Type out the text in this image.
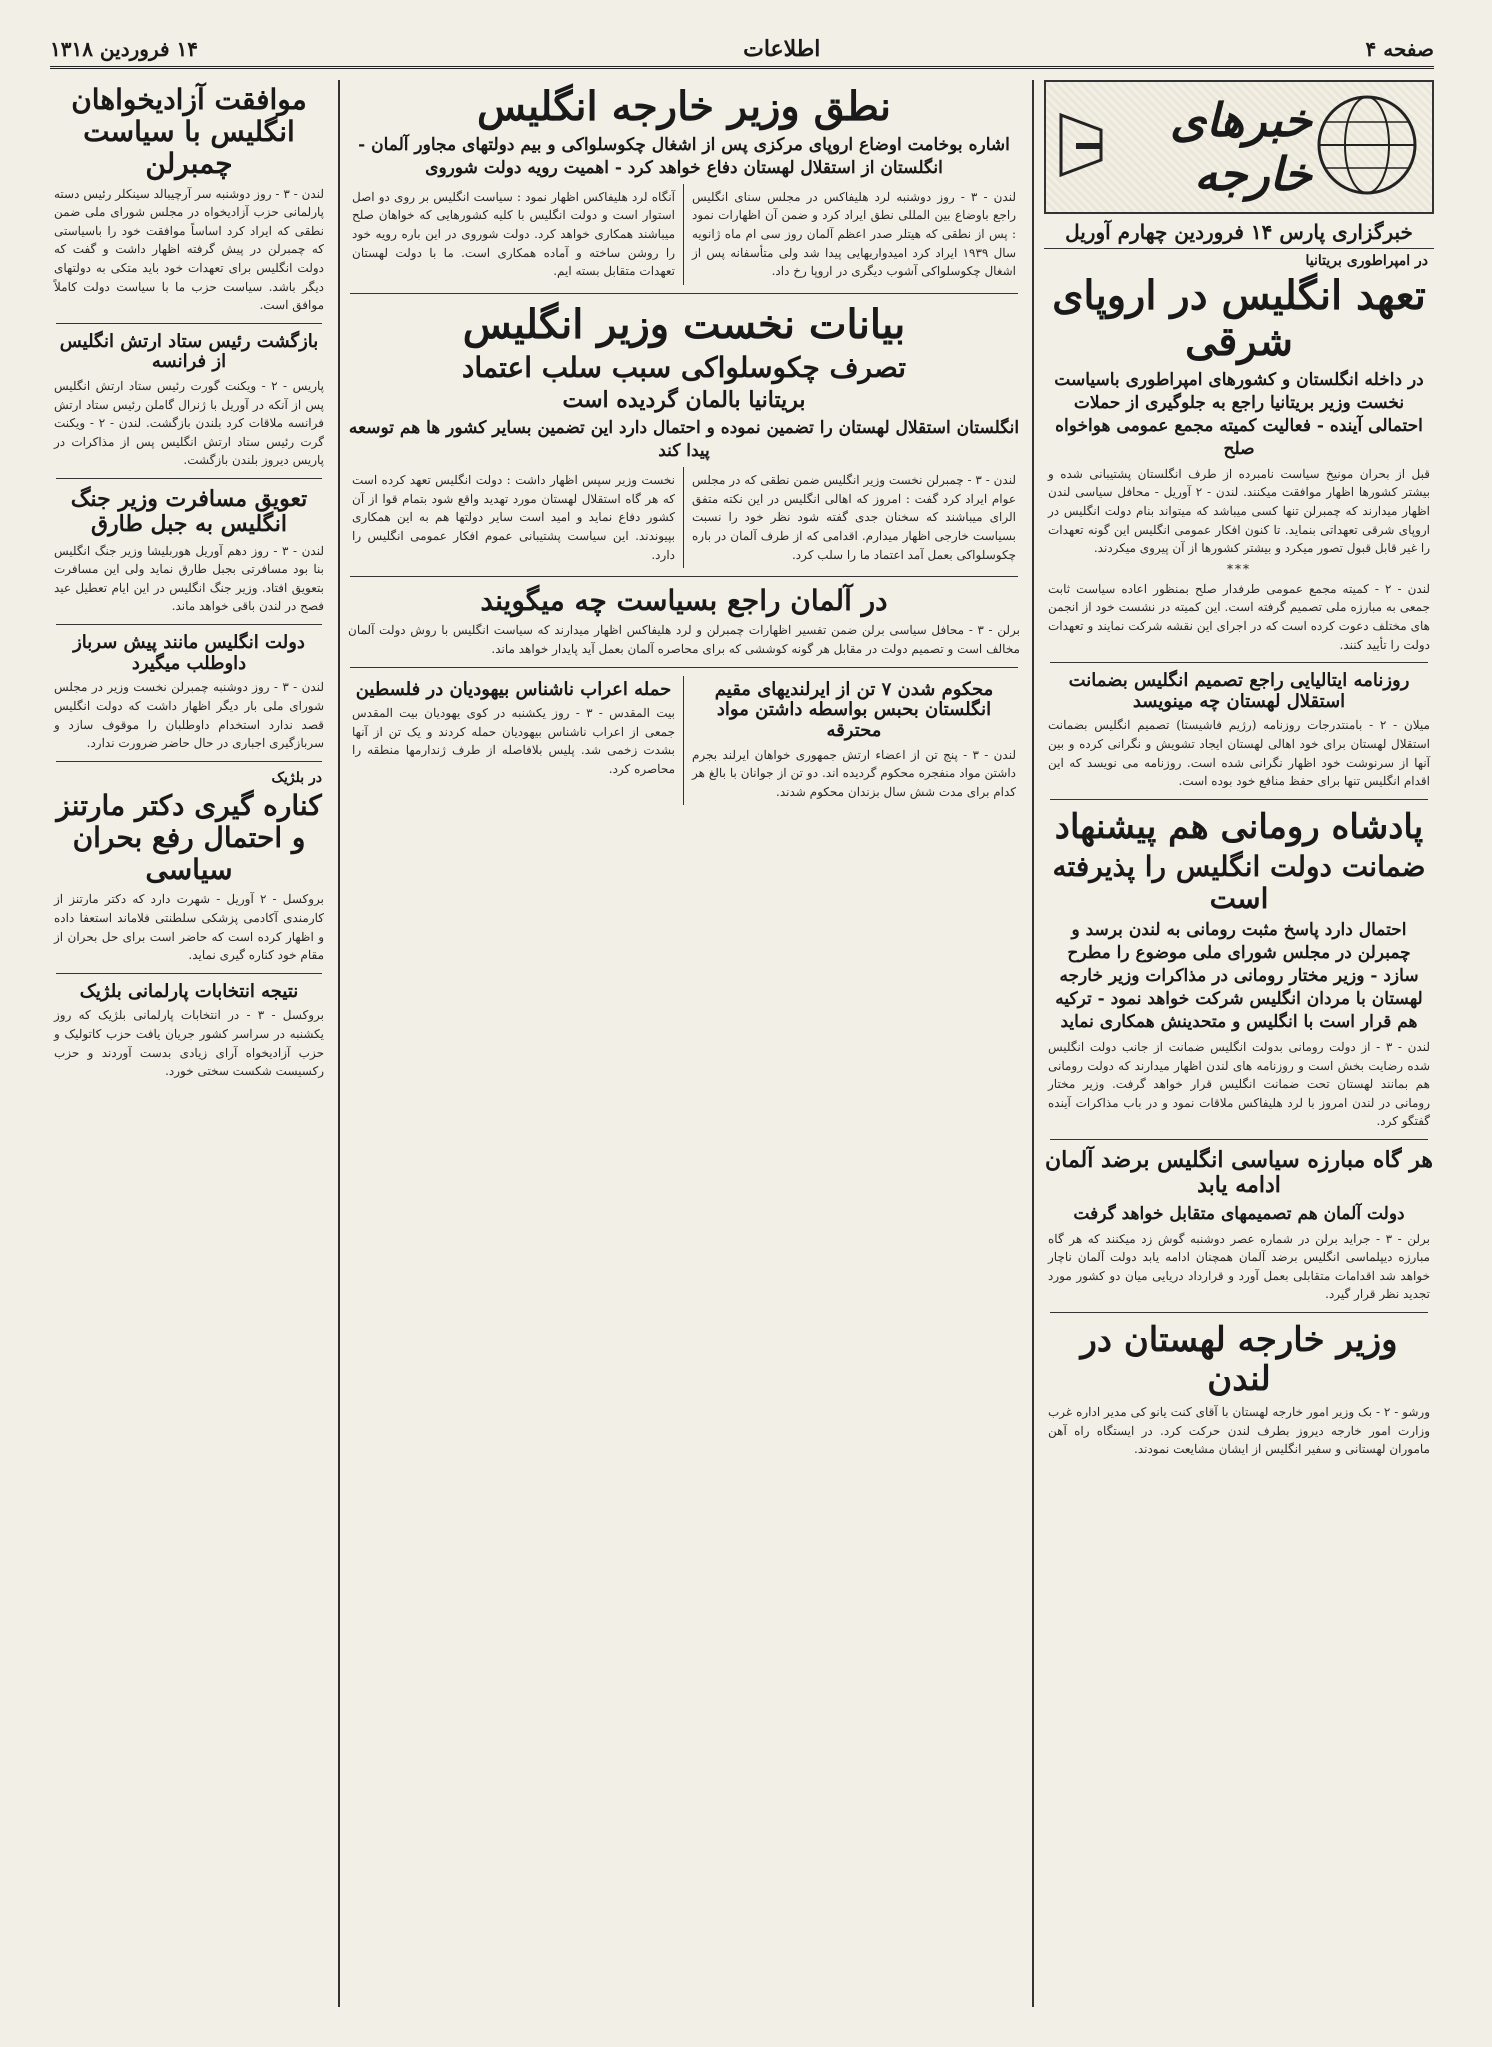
صفحه ۴
اطلاعات
۱۴ فروردین ۱۳۱۸
خبرهای خارجه
خبرگزاری پارس ۱۴ فروردین چهارم آوریل
در امپراطوری بریتانیا
تعهد انگلیس در اروپای شرقی
در داخله انگلستان و کشورهای امپراطوری باسیاست نخست وزیر بریتانیا راجع به جلوگیری از حملات احتمالی آینده - فعالیت کمیته مجمع عمومی هواخواه صلح
قبل از بحران مونیخ سیاست نامبرده از طرف انگلستان پشتیبانی شده و بیشتر کشورها اظهار موافقت میکنند. لندن - ۲ آوریل - محافل سیاسی لندن اظهار میدارند که چمبرلن تنها کسی میباشد که میتواند بنام دولت انگلیس در اروپای شرقی تعهداتی بنماید. تا کنون افکار عمومی انگلیس این گونه تعهدات را غیر قابل قبول تصور میکرد و بیشتر کشورها از آن پیروی میکردند.
***
لندن - ۲ - کمیته مجمع عمومی طرفدار صلح بمنظور اعاده سیاست ثابت جمعی به مبارزه ملی تصمیم گرفته است. این کمیته در نشست خود از انجمن های مختلف دعوت کرده است که در اجرای این نقشه شرکت نمایند و تعهدات دولت را تأیید کنند.
روزنامه ایتالیایی راجع تصمیم انگلیس بضمانت استقلال لهستان چه مینویسد
میلان - ۲ - بامنتدرجات روزنامه (رژیم فاشیستا) تصمیم انگلیس بضمانت استقلال لهستان برای خود اهالی لهستان ایجاد تشویش و نگرانی کرده و بین آنها از سرنوشت خود اظهار نگرانی شده است. روزنامه می نویسد که این اقدام انگلیس تنها برای حفظ منافع خود بوده است.
پادشاه رومانی هم پیشنهاد
ضمانت دولت انگلیس را پذیرفته است
احتمال دارد پاسخ مثبت رومانی به لندن برسد و چمبرلن در مجلس شورای ملی موضوع را مطرح سازد - وزیر مختار رومانی در مذاکرات وزیر خارجه لهستان با مردان انگلیس شرکت خواهد نمود - ترکیه هم قرار است با انگلیس و متحدینش همکاری نماید
لندن - ۳ - از دولت رومانی بدولت انگلیس ضمانت از جانب دولت انگلیس شده رضایت بخش است و روزنامه های لندن اظهار میدارند که دولت رومانی هم بمانند لهستان تحت ضمانت انگلیس قرار خواهد گرفت. وزیر مختار رومانی در لندن امروز با لرد هلیفاکس ملاقات نمود و در باب مذاکرات آینده گفتگو کرد.
هر گاه مبارزه سیاسی انگلیس برضد آلمان ادامه یابد
دولت آلمان هم تصمیمهای متقابل خواهد گرفت
برلن - ۳ - جراید برلن در شماره عصر دوشنبه گوش زد میکنند که هر گاه مبارزه دیپلماسی انگلیس برضد آلمان همچنان ادامه یابد دولت آلمان ناچار خواهد شد اقدامات متقابلی بعمل آورد و قرارداد دریایی میان دو کشور مورد تجدید نظر قرار گیرد.
وزیر خارجه لهستان در لندن
ورشو - ۲ - بک وزیر امور خارجه لهستان با آقای کنت یانو کی مدیر اداره غرب وزارت امور خارجه دیروز بطرف لندن حرکت کرد. در ایستگاه راه آهن ماموران لهستانی و سفیر انگلیس از ایشان مشایعت نمودند.
نطق وزیر خارجه انگلیس
اشاره بوخامت اوضاع اروپای مرکزی پس از اشغال چکوسلواکی و بیم دولتهای مجاور آلمان - انگلستان از استقلال لهستان دفاع خواهد کرد - اهمیت رویه دولت شوروی
لندن - ۳ - روز دوشنبه لرد هلیفاکس در مجلس سنای انگلیس راجع باوضاع بین المللی نطق ایراد کرد و ضمن آن اظهارات نمود : پس از نطقی که هیتلر صدر اعظم آلمان روز سی ام ماه ژانویه سال ۱۹۳۹ ایراد کرد امیدواریهایی پیدا شد ولی متأسفانه پس از اشغال چکوسلواکی آشوب دیگری در اروپا رخ داد.
آنگاه لرد هلیفاکس اظهار نمود : سیاست انگلیس بر روی دو اصل استوار است و دولت انگلیس با کلیه کشورهایی که خواهان صلح میباشند همکاری خواهد کرد. دولت شوروی در این باره رویه خود را روشن ساخته و آماده همکاری است. ما با دولت لهستان تعهدات متقابل بسته ایم.
بیانات نخست وزیر انگلیس
تصرف چکوسلواکی سبب سلب اعتماد
بریتانیا بالمان گردیده است
انگلستان استقلال لهستان را تضمین نموده و احتمال دارد این تضمین بسایر کشور ها هم توسعه پیدا کند
لندن - ۳ - چمبرلن نخست وزیر انگلیس ضمن نطقی که در مجلس عوام ایراد کرد گفت : امروز که اهالی انگلیس در این نکته متفق الرای میباشند که سخنان جدی گفته شود نظر خود را نسبت بسیاست خارجی اظهار میدارم. اقدامی که از طرف آلمان در باره چکوسلواکی بعمل آمد اعتماد ما را سلب کرد.
نخست وزیر سپس اظهار داشت : دولت انگلیس تعهد کرده است که هر گاه استقلال لهستان مورد تهدید واقع شود بتمام قوا از آن کشور دفاع نماید و امید است سایر دولتها هم به این همکاری بپیوندند. این سیاست پشتیبانی عموم افکار عمومی انگلیس را دارد.
در آلمان راجع بسیاست چه میگویند
برلن - ۳ - محافل سیاسی برلن ضمن تفسیر اظهارات چمبرلن و لرد هلیفاکس اظهار میدارند که سیاست انگلیس با روش دولت آلمان مخالف است و تصمیم دولت در مقابل هر گونه کوششی که برای محاصره آلمان بعمل آید پایدار خواهد ماند.
محکوم شدن ۷ تن از ایرلندیهای مقیم انگلستان بحبس بواسطه داشتن مواد محترقه
لندن - ۳ - پنج تن از اعضاء ارتش جمهوری خواهان ایرلند بجرم داشتن مواد منفجره محکوم گردیده اند. دو تن از جوانان با بالغ هر کدام برای مدت شش سال بزندان محکوم شدند.
حمله اعراب ناشناس بیهودیان در فلسطین
بیت المقدس - ۳ - روز یکشنبه در کوی یهودیان بیت المقدس جمعی از اعراب ناشناس بیهودیان حمله کردند و یک تن از آنها بشدت زخمی شد. پلیس بلافاصله از طرف ژندارمها منطقه را محاصره کرد.
موافقت آزادیخواهان انگلیس با سیاست چمبرلن
لندن - ۳ - روز دوشنبه سر آرچیبالد سینکلر رئیس دسته پارلمانی حزب آزادیخواه در مجلس شورای ملی ضمن نطقی که ایراد کرد اساساً موافقت خود را باسیاستی که چمبرلن در پیش گرفته اظهار داشت و گفت که دولت انگلیس برای تعهدات خود باید متکی به دولتهای دیگر باشد. سیاست حزب ما با سیاست دولت کاملاً موافق است.
بازگشت رئیس ستاد ارتش انگلیس از فرانسه
پاریس - ۲ - ویکنت گورت رئیس ستاد ارتش انگلیس پس از آنکه در آوریل با ژنرال گاملن رئیس ستاد ارتش فرانسه ملاقات کرد بلندن بازگشت. لندن - ۲ - ویکنت گرت رئیس ستاد ارتش انگلیس پس از مذاکرات در پاریس دیروز بلندن بازگشت.
تعویق مسافرت وزیر جنگ انگلیس به جبل طارق
لندن - ۳ - روز دهم آوریل هوربلیشا وزیر جنگ انگلیس بنا بود مسافرتی بجبل طارق نماید ولی این مسافرت بتعویق افتاد. وزیر جنگ انگلیس در این ایام تعطیل عید فصح در لندن باقی خواهد ماند.
دولت انگلیس مانند پیش سرباز داوطلب میگیرد
لندن - ۳ - روز دوشنبه چمبرلن نخست وزیر در مجلس شورای ملی بار دیگر اظهار داشت که دولت انگلیس قصد ندارد استخدام داوطلبان را موقوف سازد و سربازگیری اجباری در حال حاضر ضرورت ندارد.
در بلژیک
کناره گیری دکتر مارتنز و احتمال رفع بحران سیاسی
بروکسل - ۲ آوریل - شهرت دارد که دکتر مارتنز از کارمندی آکادمی پزشکی سلطنتی فلاماند استعفا داده و اظهار کرده است که حاضر است برای حل بحران از مقام خود کناره گیری نماید.
نتیجه انتخابات پارلمانی بلژیک
بروکسل - ۳ - در انتخابات پارلمانی بلژیک که روز یکشنبه در سراسر کشور جریان یافت حزب کاتولیک و حزب آزادیخواه آرای زیادی بدست آوردند و حزب رکسیست شکست سختی خورد.
